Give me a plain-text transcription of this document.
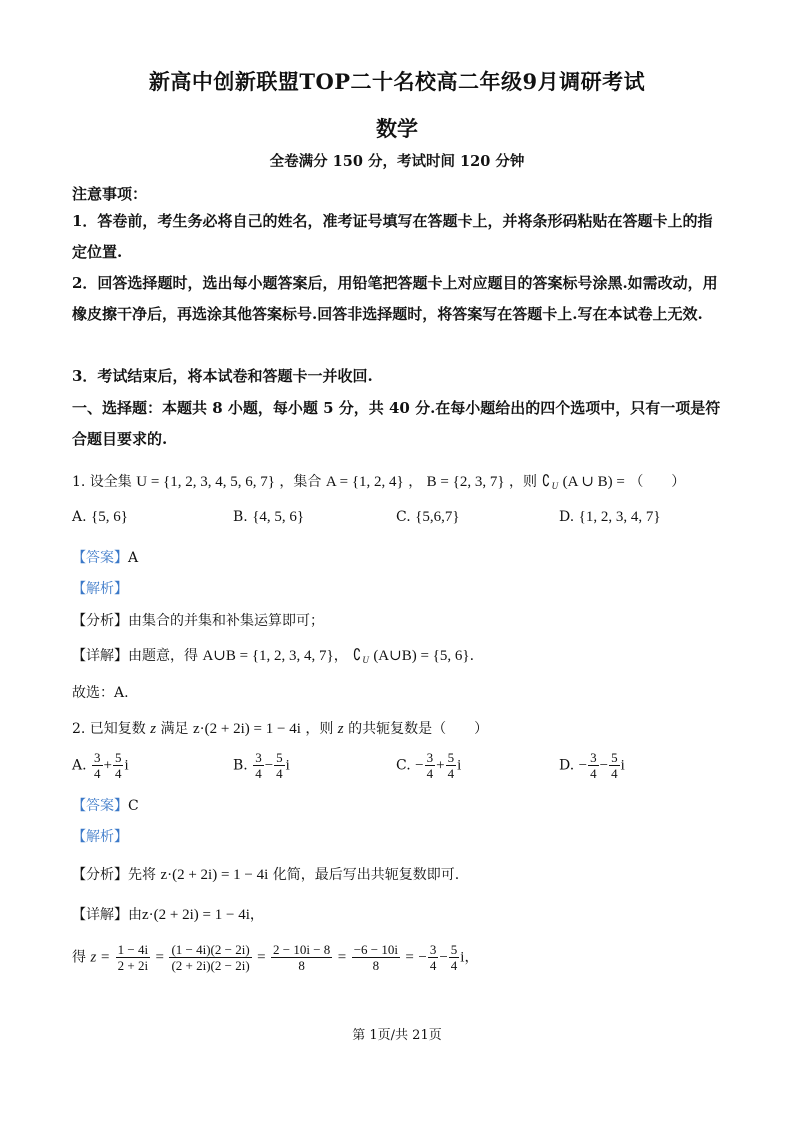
新高中创新联盟TOP二十名校高二年级9月调研考试
数学
全卷满分 150 分，考试时间 120 分钟
注意事项：
1．答卷前，考生务必将自己的姓名，准考证号填写在答题卡上，并将条形码粘贴在答题卡上的指定位置.
2．回答选择题时，选出每小题答案后，用铅笔把答题卡上对应题目的答案标号涂黑.如需改动，用橡皮擦干净后，再选涂其他答案标号.回答非选择题时，将答案写在答题卡上.写在本试卷上无效.
3．考试结束后，将本试卷和答题卡一并收回.
一、选择题：本题共 8 小题，每小题 5 分，共 40 分.在每小题给出的四个选项中，只有一项是符合题目要求的.
1. 设全集 U = {1, 2, 3, 4, 5, 6, 7} ，集合 A = {1, 2, 4} ， B = {2, 3, 7} ，则 $∁_U$ (A ∪ B) = （　　）
A. {5, 6}	B. {4, 5, 6}	C. {5,6,7}	D. {1, 2, 3, 4, 7}
【答案】A
【解析】
【分析】由集合的并集和补集运算即可；
【详解】由题意，得 A∪B = {1, 2, 3, 4, 7}， $∁_U$ (A∪B) = {5, 6}.
故选：A.
2. 已知复数 z 满足 z·(2 + 2i) = 1 − 4i ，则 z 的共轭复数是（　　）
A. $\frac{3}{4} + \frac{5}{4}$ i	B. $\frac{3}{4} - \frac{5}{4}$ i	C. − $\frac{3}{4} + \frac{5}{4}$ i	D. − $\frac{3}{4} - \frac{5}{4}$ i
【答案】C
【解析】
【分析】先将 z·(2 + 2i) = 1 − 4i 化简，最后写出共轭复数即可.
【详解】由z·(2 + 2i) = 1 − 4i，
得 $z = \frac{1 - 4i}{2 + 2i} = \frac{(1 - 4i)(2 - 2i)}{(2 + 2i)(2 - 2i)} = \frac{2 - 10i - 8}{8} = \frac{-6 - 10i}{8}$ = − $\frac{3}{4} - \frac{5}{4}$ i，
第 1页/共 21页
